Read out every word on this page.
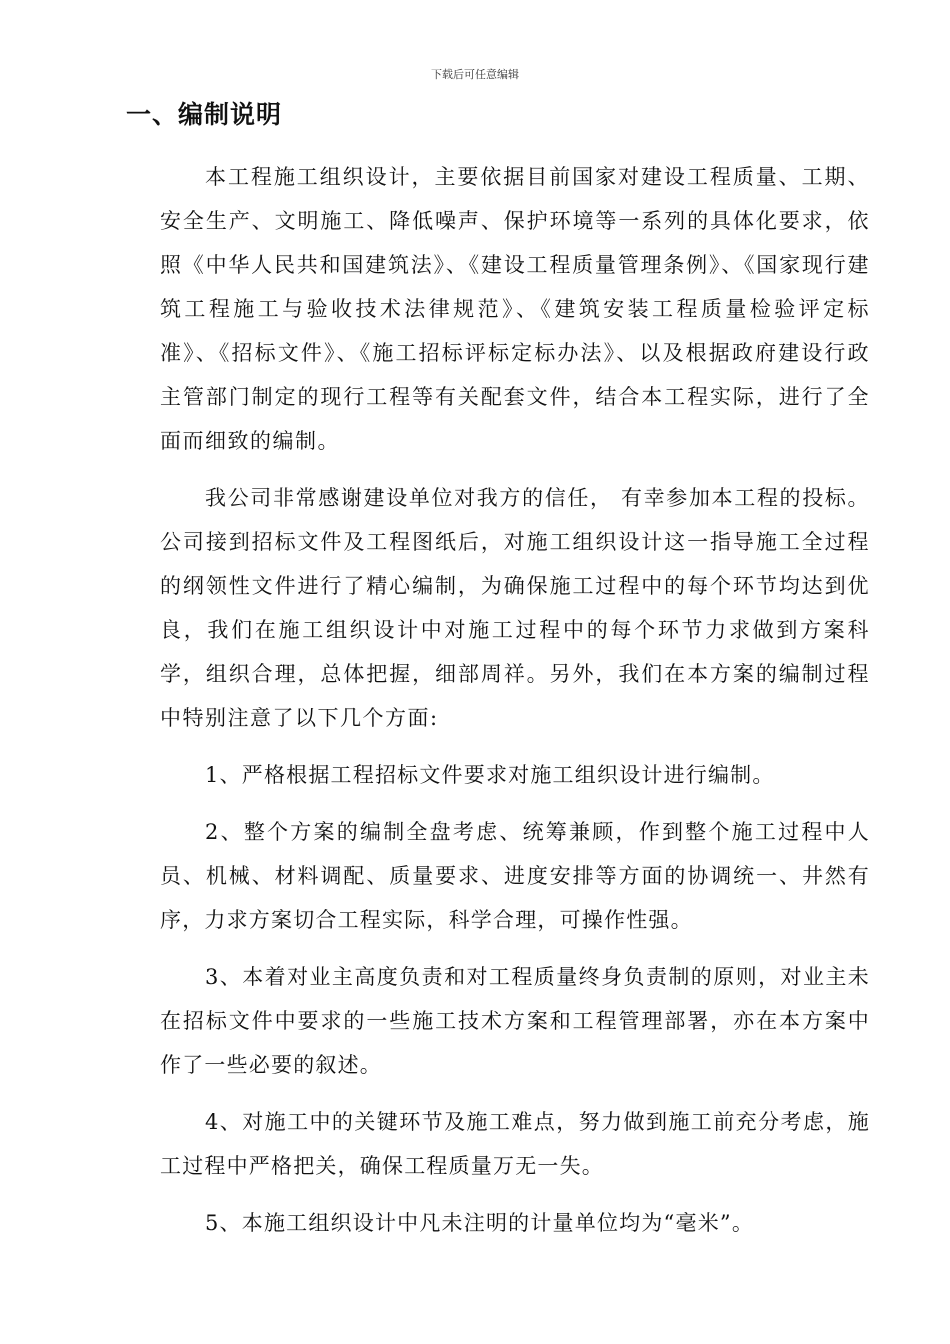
下载后可任意编辑
一、编制说明

本工程施工组织设计，主要依据目前国家对建设工程质量、工期、安全生产、文明施工、降低噪声、保护环境等一系列的具体化要求，依照《中华人民共和国建筑法》、《建设工程质量管理条例》、《国家现行建筑工程施工与验收技术法律规范》、《建筑安装工程质量检验评定标准》、《招标文件》、《施工招标评标定标办法》、以及根据政府建设行政主管部门制定的现行工程等有关配套文件，结合本工程实际，进行了全面而细致的编制。

我公司非常感谢建设单位对我方的信任， 有幸参加本工程的投标。公司接到招标文件及工程图纸后，对施工组织设计这一指导施工全过程的纲领性文件进行了精心编制，为确保施工过程中的每个环节均达到优良，我们在施工组织设计中对施工过程中的每个环节力求做到方案科学，组织合理，总体把握，细部周祥。另外，我们在本方案的编制过程中特别注意了以下几个方面:

1、严格根据工程招标文件要求对施工组织设计进行编制。

2、整个方案的编制全盘考虑、统筹兼顾，作到整个施工过程中人员、机械、材料调配、质量要求、进度安排等方面的协调统一、井然有序，力求方案切合工程实际，科学合理，可操作性强。

3、本着对业主高度负责和对工程质量终身负责制的原则，对业主未在招标文件中要求的一些施工技术方案和工程管理部署，亦在本方案中作了一些必要的叙述。

4、对施工中的关键环节及施工难点，努力做到施工前充分考虑，施工过程中严格把关，确保工程质量万无一失。

5、本施工组织设计中凡未注明的计量单位均为“毫米”。
